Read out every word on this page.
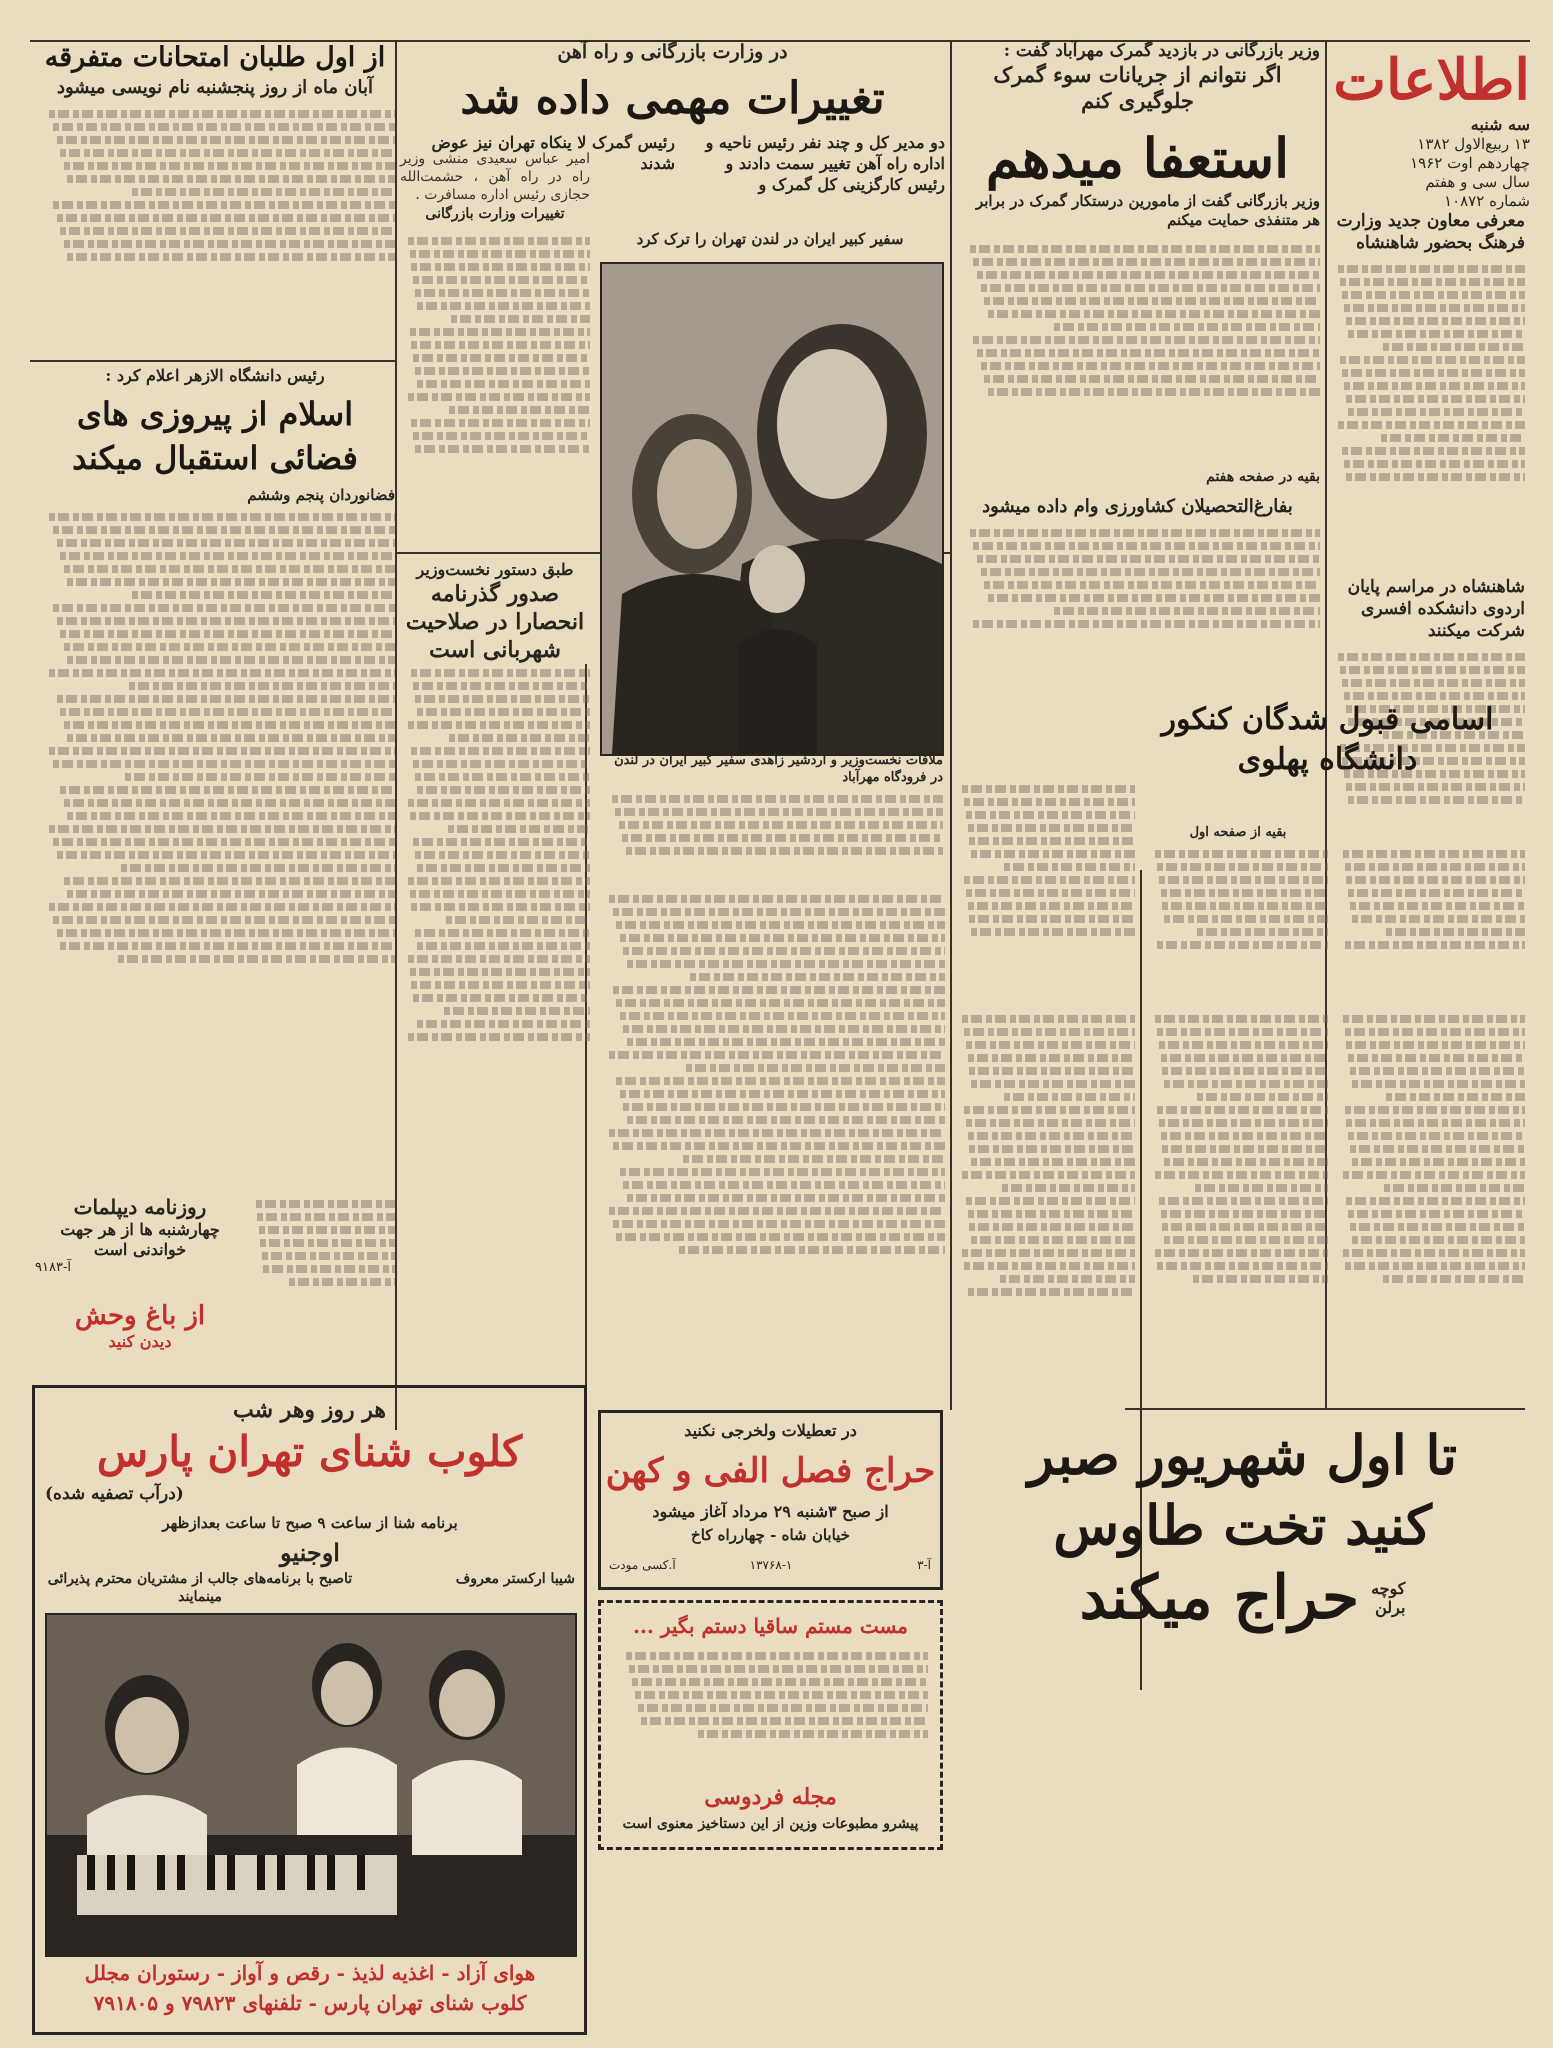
اطلاعات
سه شنبه
۱۳ ربیع‌الاول ۱۳۸۲
چهاردهم اوت ۱۹۶۲
سال سی و هفتم
شماره ۱۰۸۷۲
وزیر بازرگانی در بازدید گمرک مهرآباد گفت :
اگر نتوانم از جریانات سوء گمرک جلوگیری کنم
استعفا میدهم
وزیر بازرگانی گفت از مامورین درستکار گمرک در برابر هر متنفذی حمایت میکنم معرفی معاون جدید وزارت فرهنگ بحضور شاهنشاه
شاهنشاه در مراسم پایان اردوی دانشکده افسری شرکت میکنند
بقیه در صفحه هفتم
بفارغ‌التحصیلان کشاورزی وام داده میشود
سفیر کبیر ایران در لندن تهران را ترک کرد
ملاقات نخست‌وزیر و اردشیر زاهدی سفیر کبیر ایران در لندن در فرودگاه مهرآباد
در وزارت بازرگانی و راه آهن
تغییرات مهمی داده شد
دو مدیر کل و چند نفر رئیس ناحیه و اداره راه آهن تغییر سمت دادند و رئیس کارگزینی کل گمرک و
رئیس گمرک لا ینکاه تهران نیز عوض شدند
امیر عباس سعیدی منشی وزیر راه در راه آهن ، حشمت‌الله حجازی رئیس اداره مسافرت .
تغییرات وزارت بازرگانی
طبق دستور نخست‌وزیر
صدور گذرنامه انحصارا در صلاحیت شهربانی است
از اول طلبان امتحانات متفرقه
آبان ماه از روز پنجشنبه نام نویسی میشود
رئیس دانشگاه الازهر اعلام کرد :
اسلام از پیروزی های
فضائی استقبال میکند
فضانوردان پنجم وششم
روزنامه دیپلمات
چهارشنبه ها از هر جهت
خواندنی است
آ-۹۱۸۳
از باغ وحش
دیدن کنید
هر روز وهر شب
کلوب شنای تهران پارس
(درآب تصفیه شده)
برنامه شنا از ساعت ۹ صبح تا ساعت بعدازظهر
اوجنیو
شیبا ارکستر معروف
تاصبح با برنامه‌های جالب از مشتریان محترم پذیرائی مینمایند
هوای آزاد - اغذیه لذیذ - رقص و آواز - رستوران مجلل
کلوب شنای تهران پارس - تلفنهای ۷۹۸۲۳ و ۷۹۱۸۰۵
اسامی قبول شدگان کنکور
دانشگاه پهلوی
بقیه از صفحه اول
در تعطیلات ولخرجی نکنید
حراج فصل الفی و کهن
از صبح ۳شنبه ۲۹ مرداد آغاز میشود
خیابان شاه - چهارراه کاخ
آ-۳
۱۳۷۶۸-۱
آ.کسی مودت
مست مستم ساقیا دستم بگیر ...
مجله فردوسی
پیشرو مطبوعات وزین از این دستاخیز معنوی است
تا اول شهریور صبر
کنید تخت طاوس
کوچه
برلن
حراج میکند
